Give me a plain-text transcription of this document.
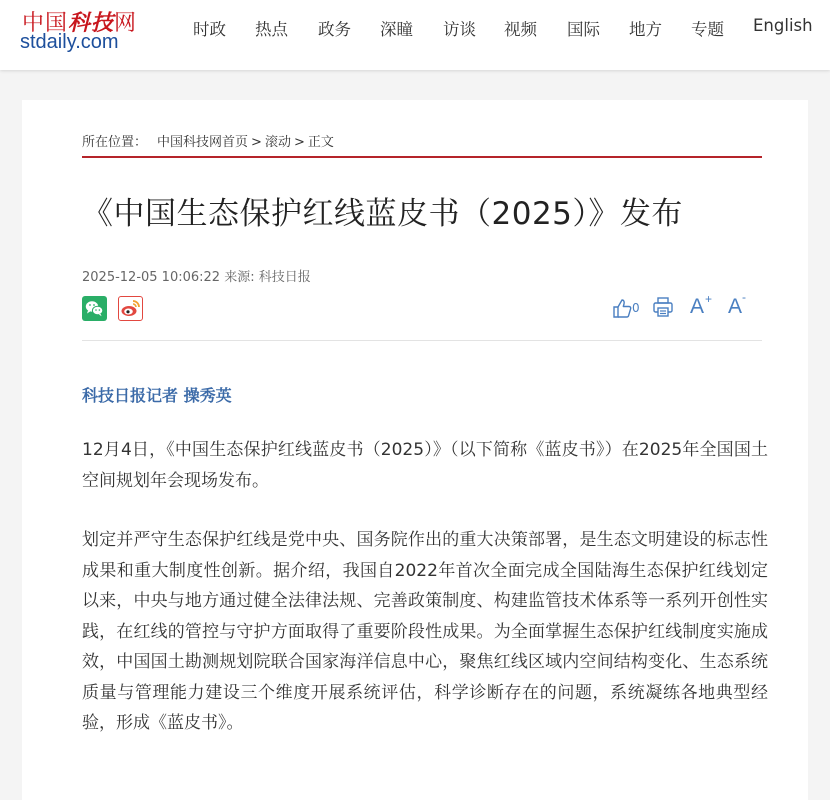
中国科技网
stdaily.com
时政 热点 政务 深瞳 访谈 视频 国际 地方 专题 English
所在位置： 中国科技网首页 > 滚动 > 正文
《中国生态保护红线蓝皮书（2025）》发布
2025-12-05 10:06:22 来源: 科技日报
0 A + A -
科技日报记者 操秀英

12月4日，《中国生态保护红线蓝皮书（2025）》（以下简称《蓝皮书》）在2025年全国国土空间规划年会现场发布。

划定并严守生态保护红线是党中央、国务院作出的重大决策部署，是生态文明建设的标志性成果和重大制度性创新。据介绍，我国自2022年首次全面完成全国陆海生态保护红线划定以来，中央与地方通过健全法律法规、完善政策制度、构建监管技术体系等一系列开创性实践，在红线的管控与守护方面取得了重要阶段性成果。为全面掌握生态保护红线制度实施成效，中国国土勘测规划院联合国家海洋信息中心，聚焦红线区域内空间结构变化、生态系统质量与管理能力建设三个维度开展系统评估，科学诊断存在的问题，系统凝练各地典型经验，形成《蓝皮书》。
